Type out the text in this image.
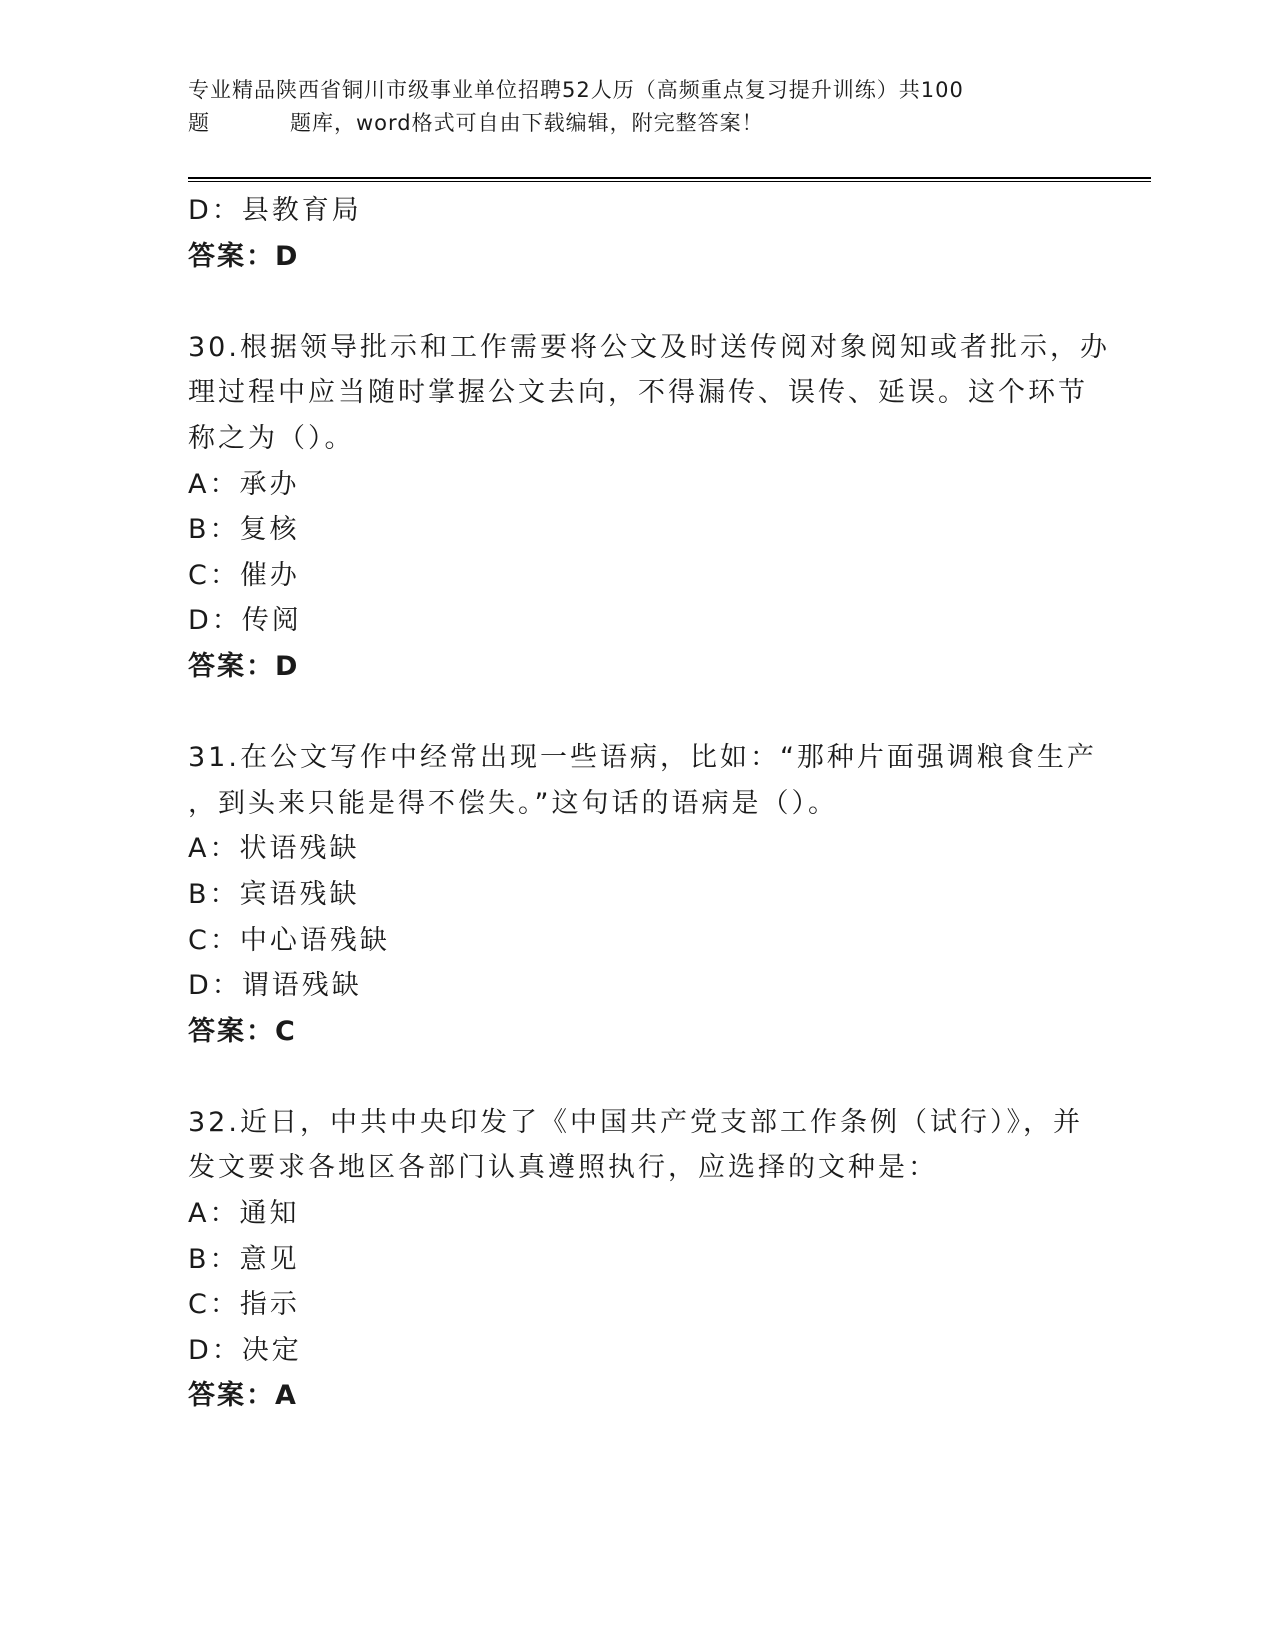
专业精品陕西省铜川市级事业单位招聘52人历（高频重点复习提升训练）共100
题	题库，word格式可自由下载编辑，附完整答案！
D：县教育局
答案：D
30.根据领导批示和工作需要将公文及时送传阅对象阅知或者批示，办
理过程中应当随时掌握公文去向，不得漏传、误传、延误。这个环节
称之为（）。
A：承办
B：复核
C：催办
D：传阅
答案：D
31.在公文写作中经常出现一些语病，比如：“那种片面强调粮食生产
，到头来只能是得不偿失。”这句话的语病是（）。
A：状语残缺
B：宾语残缺
C：中心语残缺
D：谓语残缺
答案：C
32.近日，中共中央印发了《中国共产党支部工作条例（试行）》，并
发文要求各地区各部门认真遵照执行，应选择的文种是：
A：通知
B：意见
C：指示
D：决定
答案：A
